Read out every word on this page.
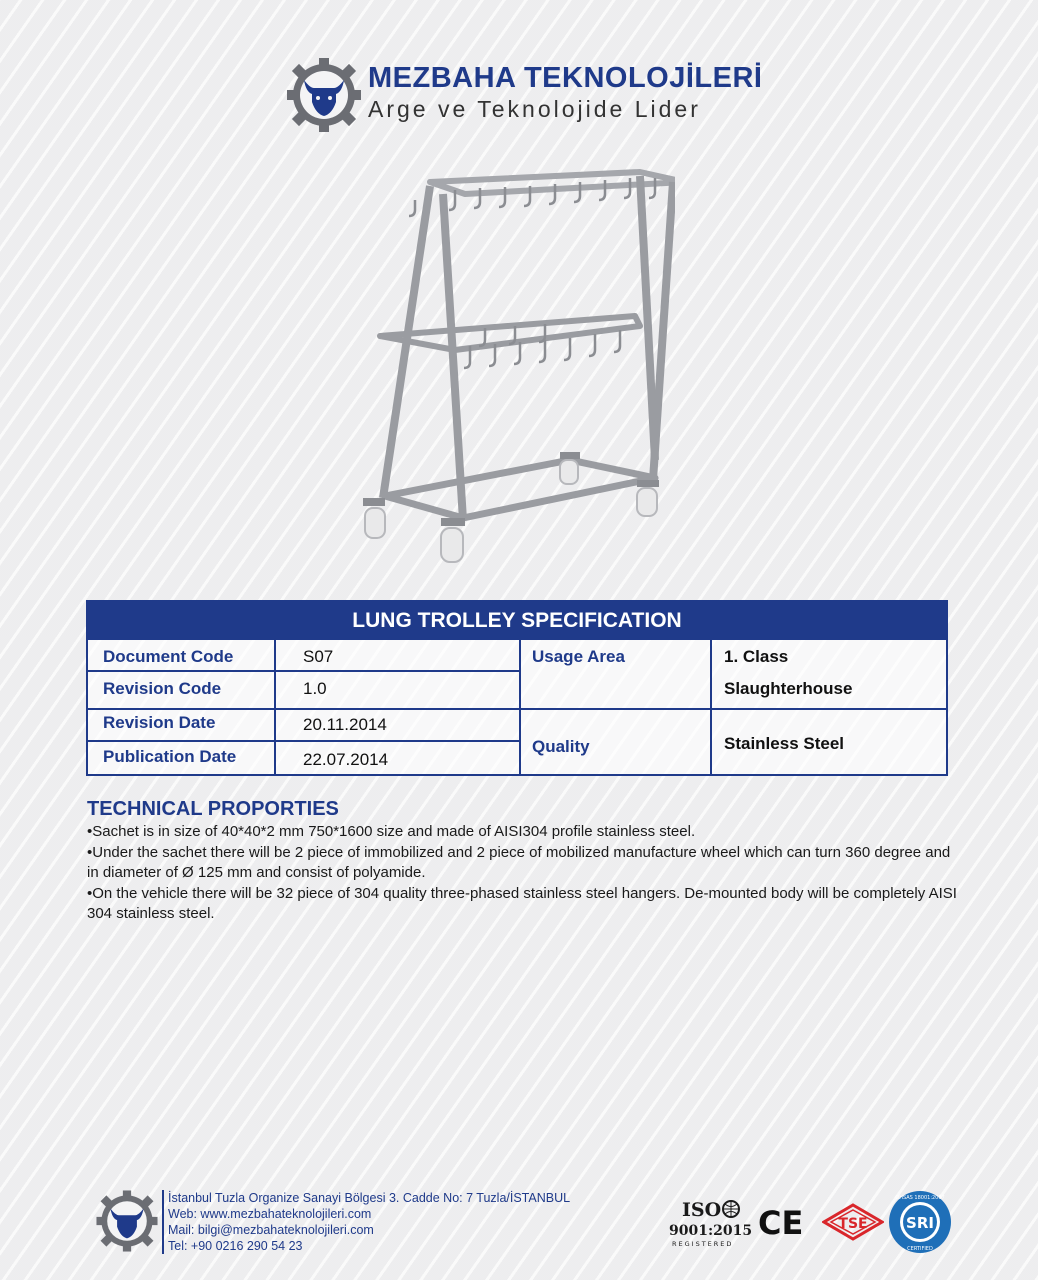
MEZBAHA TEKNOLOJİLERİ
Arge ve Teknolojide Lider
LUNG TROLLEY SPECIFICATION
Document Code	S07
Revision Code	1.0
Revision Date	20.11.2014
Publication Date	22.07.2014
Usage Area	1. Class
Slaughterhouse
Quality	Stainless Steel
TECHNICAL PROPORTIES

•Sachet is in size of 40*40*2 mm 750*1600 size and made of AISI304 profile stainless steel.

•Under the sachet there will be 2 piece of immobilized and 2 piece of mobilized manufacture wheel which can turn 360 degree and in diameter of Ø 125 mm and consist of polyamide.

•On the vehicle there will be 32 piece of 304 quality three-phased stainless steel hangers. De-mounted body will be completely AISI 304 stainless steel.

İstanbul Tuzla Organize Sanayi Bölgesi 3. Cadde No: 7 Tuzla/İSTANBUL
Web: www.mezbahateknolojileri.com
Mail: bilgi@mezbahateknolojileri.com
Tel: +90 0216 290 54 23
ISO
9001:2015
REGISTERED
CE	TSE	SRI
OHSAS 18001:2007
CERTIFIED
